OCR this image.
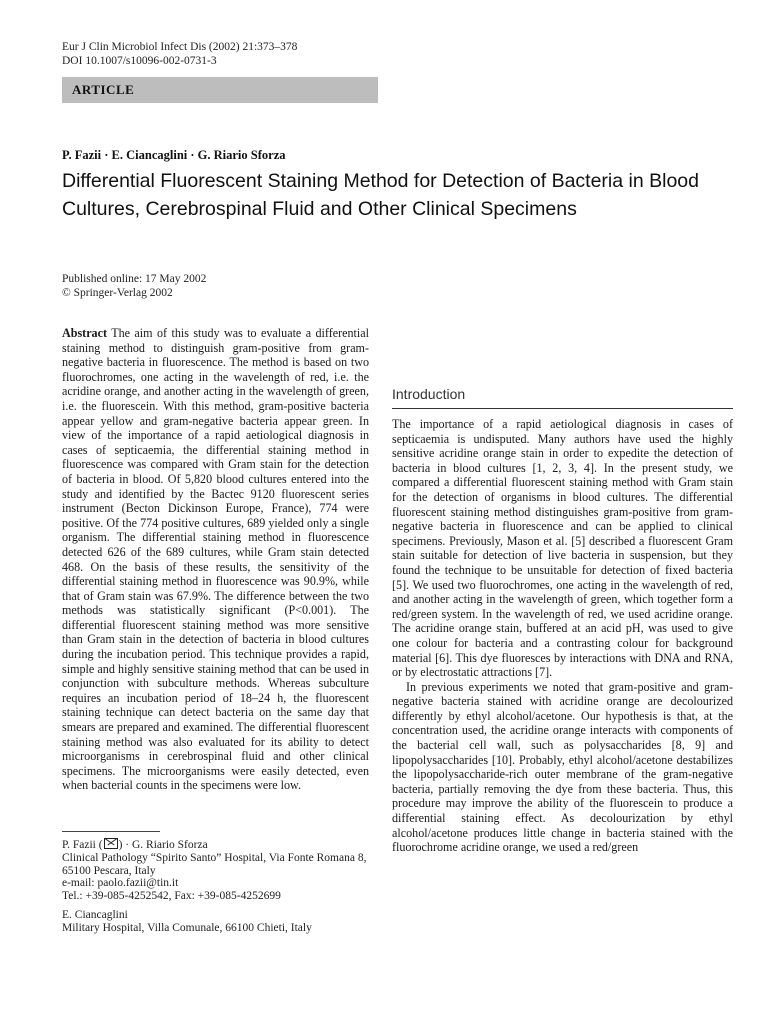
Eur J Clin Microbiol Infect Dis (2002) 21:373–378
DOI 10.1007/s10096-002-0731-3
ARTICLE
P. Fazii · E. Ciancaglini · G. Riario Sforza
Differential Fluorescent Staining Method for Detection of Bacteria in Blood Cultures, Cerebrospinal Fluid and Other Clinical Specimens
Published online: 17 May 2002
© Springer-Verlag 2002

Abstract The aim of this study was to evaluate a differential staining method to distinguish gram-positive from gram-negative bacteria in fluorescence. The method is based on two fluorochromes, one acting in the wavelength of red, i.e. the acridine orange, and another acting in the wavelength of green, i.e. the fluorescein. With this method, gram-positive bacteria appear yellow and gram-negative bacteria appear green. In view of the importance of a rapid aetiological diagnosis in cases of septicaemia, the differential staining method in fluorescence was compared with Gram stain for the detection of bacteria in blood. Of 5,820 blood cultures entered into the study and identified by the Bactec 9120 fluorescent series instrument (Becton Dickinson Europe, France), 774 were positive. Of the 774 positive cultures, 689 yielded only a single organism. The differential staining method in fluorescence detected 626 of the 689 cultures, while Gram stain detected 468. On the basis of these results, the sensitivity of the differential staining method in fluorescence was 90.9%, while that of Gram stain was 67.9%. The difference between the two methods was statistically significant (P<0.001). The differential fluorescent staining method was more sensitive than Gram stain in the detection of bacteria in blood cultures during the incubation period. This technique provides a rapid, simple and highly sensitive staining method that can be used in conjunction with subculture methods. Whereas subculture requires an incubation period of 18–24 h, the fluorescent staining technique can detect bacteria on the same day that smears are prepared and examined. The differential fluorescent staining method was also evaluated for its ability to detect microorganisms in cerebrospinal fluid and other clinical specimens. The microorganisms were easily detected, even when bacterial counts in the specimens were low.

Introduction

The importance of a rapid aetiological diagnosis in cases of septicaemia is undisputed. Many authors have used the highly sensitive acridine orange stain in order to expedite the detection of bacteria in blood cultures [1, 2, 3, 4]. In the present study, we compared a differential fluorescent staining method with Gram stain for the detection of organisms in blood cultures. The differential fluorescent staining method distinguishes gram-positive from gram-negative bacteria in fluorescence and can be applied to clinical specimens. Previously, Mason et al. [5] described a fluorescent Gram stain suitable for detection of live bacteria in suspension, but they found the technique to be unsuitable for detection of fixed bacteria [5]. We used two fluorochromes, one acting in the wavelength of red, and another acting in the wavelength of green, which together form a red/green system. In the wavelength of red, we used acridine orange. The acridine orange stain, buffered at an acid pH, was used to give one colour for bacteria and a contrasting colour for background material [6]. This dye fluoresces by interactions with DNA and RNA, or by electrostatic attractions [7].

In previous experiments we noted that gram-positive and gram-negative bacteria stained with acridine orange are decolourized differently by ethyl alcohol/acetone. Our hypothesis is that, at the concentration used, the acridine orange interacts with components of the bacterial cell wall, such as polysaccharides [8, 9] and lipopolysaccharides [10]. Probably, ethyl alcohol/acetone destabilizes the lipopolysaccharide-rich outer membrane of the gram-negative bacteria, partially removing the dye from these bacteria. Thus, this procedure may improve the ability of the fluorescein to produce a differential staining effect. As decolourization by ethyl alcohol/acetone produces little change in bacteria stained with the fluorochrome acridine orange, we used a red/green

P. Fazii ( ) · G. Riario Sforza
Clinical Pathology “Spirito Santo” Hospital, Via Fonte Romana 8,
65100 Pescara, Italy
e-mail: paolo.fazii@tin.it
Tel.: +39-085-4252542, Fax: +39-085-4252699
E. Ciancaglini
Military Hospital, Villa Comunale, 66100 Chieti, Italy
